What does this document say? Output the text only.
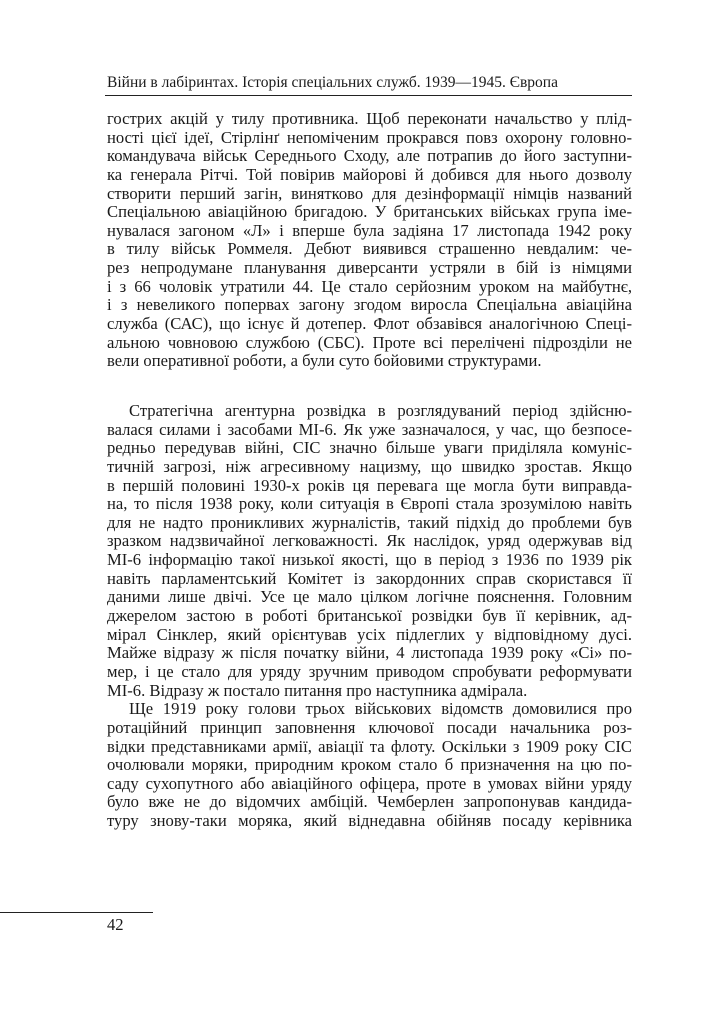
Війни в лабіринтах. Історія спеціальних служб. 1939—1945. Європа
гострих акцій у тилу противника. Щоб переконати начальство у плід-
ності цієї ідеї, Стірлінґ непоміченим прокрався повз охорону головно-
командувача військ Середнього Сходу, але потрапив до його заступни-
ка генерала Рітчі. Той повірив майорові й добився для нього дозволу
створити перший загін, винятково для дезінформації німців названий
Спеціальною авіаційною бригадою. У британських військах група іме-
нувалася загоном «Л» і вперше була задіяна 17 листопада 1942 року
в тилу військ Роммеля. Дебют виявився страшенно невдалим: че-
рез непродумане планування диверсанти устряли в бій із німцями
і з 66 чоловік утратили 44. Це стало серйозним уроком на майбутнє,
і з невеликого попервах загону згодом виросла Спеціальна авіаційна
служба (САС), що існує й дотепер. Флот обзавівся аналогічною Спеці-
альною човновою службою (СБС). Проте всі перелічені підрозділи не
вели оперативної роботи, а були суто бойовими структурами.
Стратегічна агентурна розвідка в розглядуваний період здійсню-
валася силами і засобами МІ-6. Як уже зазначалося, у час, що безпосе-
редньо передував війні, СІС значно більше уваги приділяла комуніс-
тичній загрозі, ніж агресивному нацизму, що швидко зростав. Якщо
в першій половині 1930-х років ця перевага ще могла бути виправда-
на, то після 1938 року, коли ситуація в Європі стала зрозумілою навіть
для не надто проникливих журналістів, такий підхід до проблеми був
зразком надзвичайної легковажності. Як наслідок, уряд одержував від
МІ-6 інформацію такої низької якості, що в період з 1936 по 1939 рік
навіть парламентський Комітет із закордонних справ скористався її
даними лише двічі. Усе це мало цілком логічне пояснення. Головним
джерелом застою в роботі британської розвідки був її керівник, ад-
мірал Сінклер, який орієнтував усіх підлеглих у відповідному дусі.
Майже відразу ж після початку війни, 4 листопада 1939 року «Сі» по-
мер, і це стало для уряду зручним приводом спробувати реформувати
МІ-6. Відразу ж постало питання про наступника адмірала.
Ще 1919 року голови трьох військових відомств домовилися про
ротаційний принцип заповнення ключової посади начальника роз-
відки представниками армії, авіації та флоту. Оскільки з 1909 року СІС
очолювали моряки, природним кроком стало б призначення на цю по-
саду сухопутного або авіаційного офіцера, проте в умовах війни уряду
було вже не до відомчих амбіцій. Чемберлен запропонував кандида-
туру знову-таки моряка, який віднедавна обійняв посаду керівника
42
